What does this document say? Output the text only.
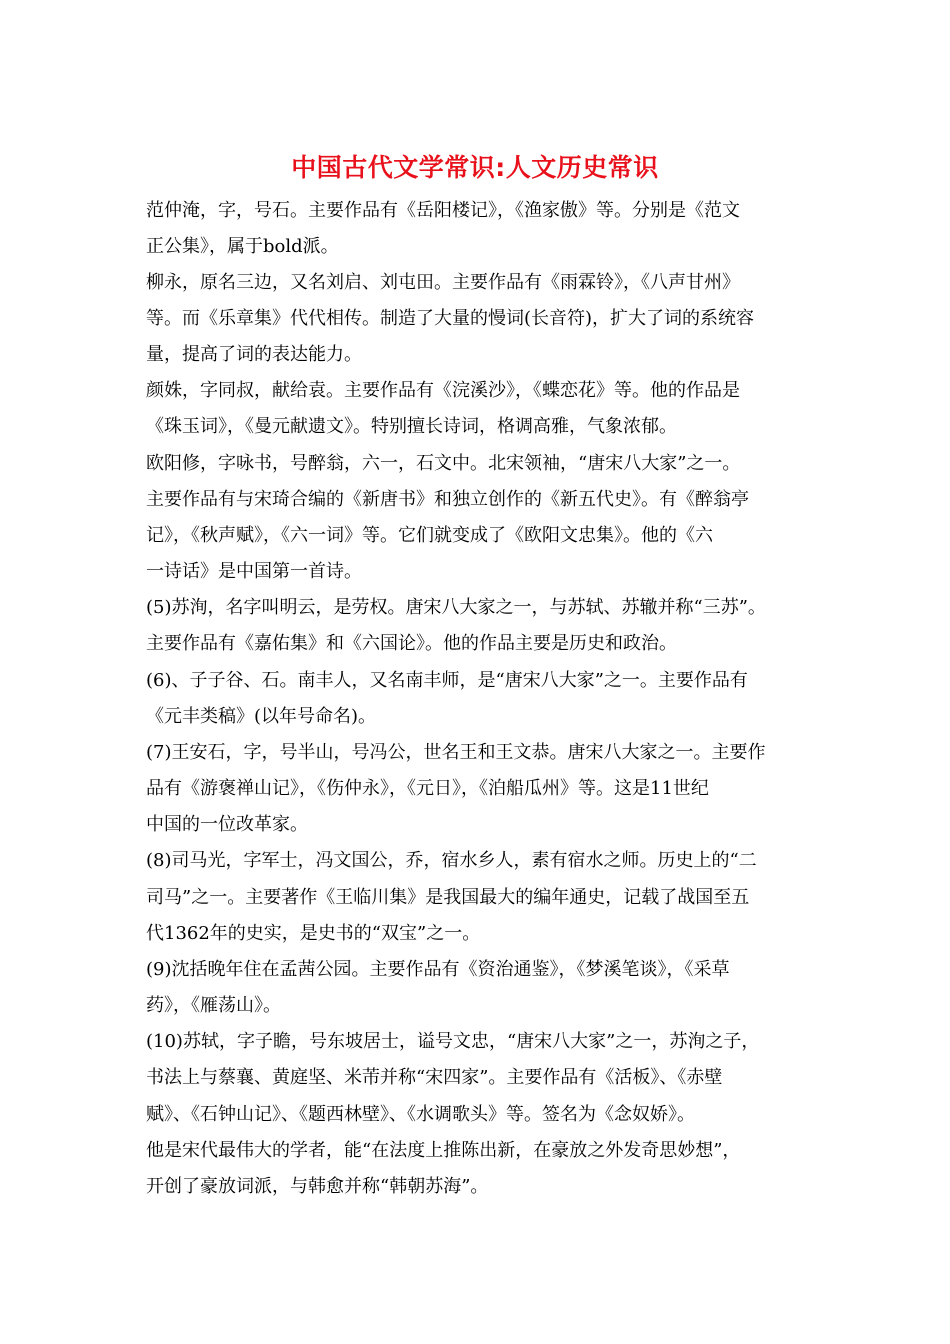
中国古代文学常识:人文历史常识

范仲淹，字，号石。主要作品有《岳阳楼记》，《渔家傲》等。分别是《范文

正公集》，属于bold派。

柳永，原名三边，又名刘启、刘屯田。主要作品有《雨霖铃》，《八声甘州》

等。而《乐章集》代代相传。制造了大量的慢词(长音符)，扩大了词的系统容

量，提高了词的表达能力。

颜姝，字同叔，献给袁。主要作品有《浣溪沙》，《蝶恋花》等。他的作品是

《珠玉词》，《曼元献遗文》。特别擅长诗词，格调高雅，气象浓郁。

欧阳修，字咏书，号醉翁，六一，石文中。北宋领袖，“唐宋八大家”之一。

主要作品有与宋琦合编的《新唐书》和独立创作的《新五代史》。有《醉翁亭

记》，《秋声赋》，《六一词》等。它们就变成了《欧阳文忠集》。他的《六

一诗话》是中国第一首诗。

(5)苏洵，名字叫明云，是劳权。唐宋八大家之一，与苏轼、苏辙并称“三苏”。

主要作品有《嘉佑集》和《六国论》。他的作品主要是历史和政治。

(6)、子子谷、石。南丰人，又名南丰师，是“唐宋八大家”之一。主要作品有

《元丰类稿》(以年号命名)。

(7)王安石，字，号半山，号冯公，世名王和王文恭。唐宋八大家之一。主要作

品有《游褒禅山记》，《伤仲永》，《元日》，《泊船瓜州》等。这是11世纪

中国的一位改革家。

(8)司马光，字军士，冯文国公，乔，宿水乡人，素有宿水之师。历史上的“二

司马”之一。主要著作《王临川集》是我国最大的编年通史，记载了战国至五

代1362年的史实，是史书的“双宝”之一。

(9)沈括晚年住在孟茜公园。主要作品有《资治通鉴》，《梦溪笔谈》，《采草

药》，《雁荡山》。

(10)苏轼，字子瞻，号东坡居士，谥号文忠，“唐宋八大家”之一，苏洵之子，

书法上与蔡襄、黄庭坚、米芾并称“宋四家”。主要作品有《活板》、《赤壁

赋》、《石钟山记》、《题西林壁》、《水调歌头》等。签名为《念奴娇》。

他是宋代最伟大的学者，能“在法度上推陈出新，在豪放之外发奇思妙想”，

开创了豪放词派，与韩愈并称“韩朝苏海”。
